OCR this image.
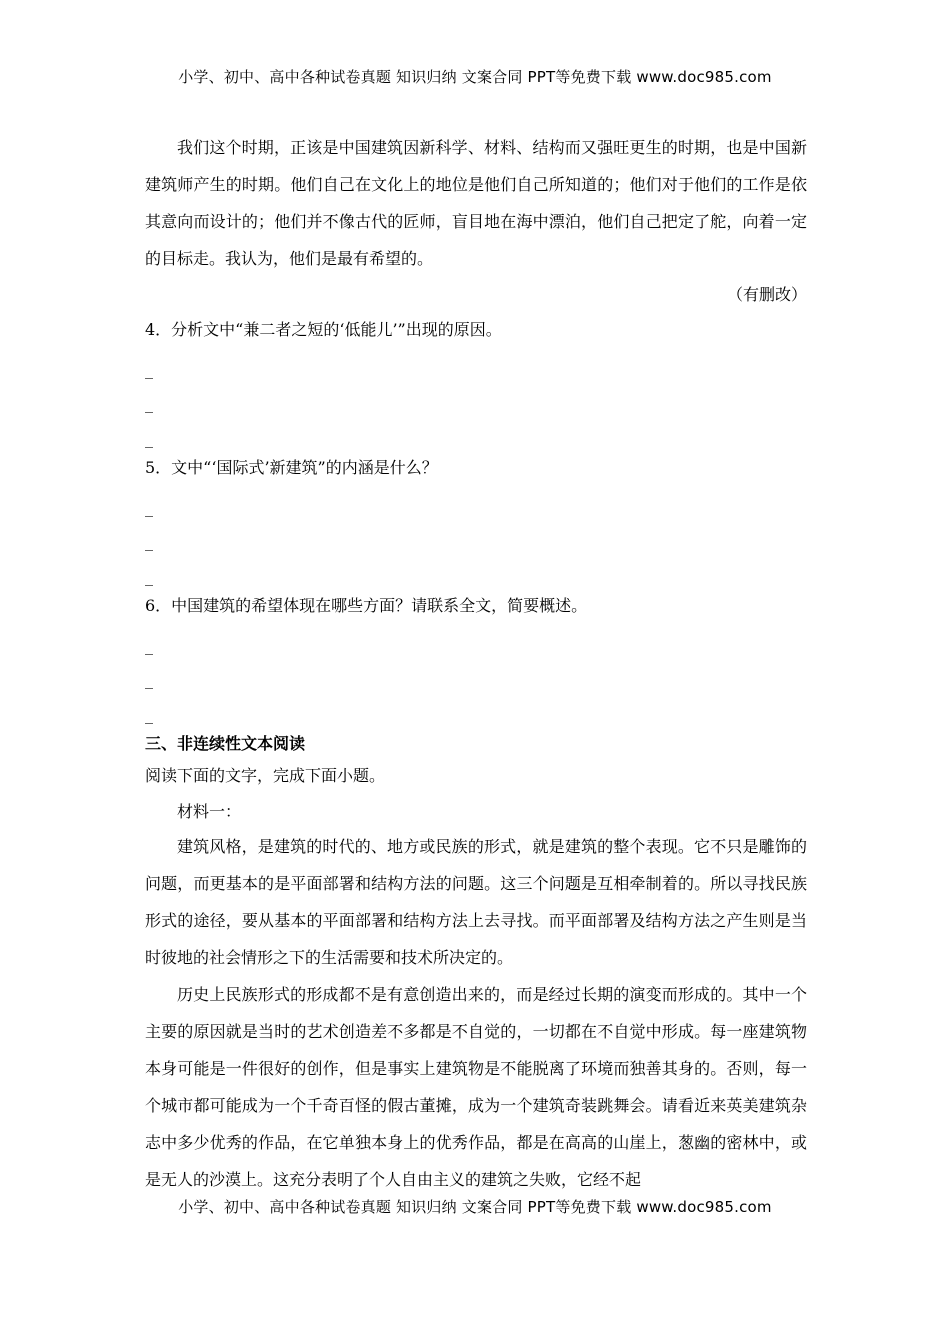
小学、初中、高中各种试卷真题 知识归纳 文案合同 PPT等免费下载 www.doc985.com
我们这个时期，正该是中国建筑因新科学、材料、结构而又强旺更生的时期，也是中国新建筑师产生的时期。他们自己在文化上的地位是他们自己所知道的；他们对于他们的工作是依其意向而设计的；他们并不像古代的匠师，盲目地在海中漂泊，他们自己把定了舵，向着一定的目标走。我认为，他们是最有希望的。
（有删改）
4．分析文中“兼二者之短的‘低能儿’”出现的原因。
_
_
_
5．文中“‘国际式’新建筑”的内涵是什么？
_
_
_
6．中国建筑的希望体现在哪些方面？请联系全文，简要概述。
_
_
_
三、非连续性文本阅读
阅读下面的文字，完成下面小题。
材料一：
建筑风格，是建筑的时代的、地方或民族的形式，就是建筑的整个表现。它不只是雕饰的问题，而更基本的是平面部署和结构方法的问题。这三个问题是互相牵制着的。所以寻找民族形式的途径，要从基本的平面部署和结构方法上去寻找。而平面部署及结构方法之产生则是当时彼地的社会情形之下的生活需要和技术所决定的。
历史上民族形式的形成都不是有意创造出来的，而是经过长期的演变而形成的。其中一个主要的原因就是当时的艺术创造差不多都是不自觉的，一切都在不自觉中形成。每一座建筑物本身可能是一件很好的创作，但是事实上建筑物是不能脱离了环境而独善其身的。否则，每一个城市都可能成为一个千奇百怪的假古董摊，成为一个建筑奇装跳舞会。请看近来英美建筑杂志中多少优秀的作品，在它单独本身上的优秀作品，都是在高高的山崖上，葱幽的密林中，或是无人的沙漠上。这充分表明了个人自由主义的建筑之失败，它经不起
小学、初中、高中各种试卷真题 知识归纳 文案合同 PPT等免费下载 www.doc985.com
